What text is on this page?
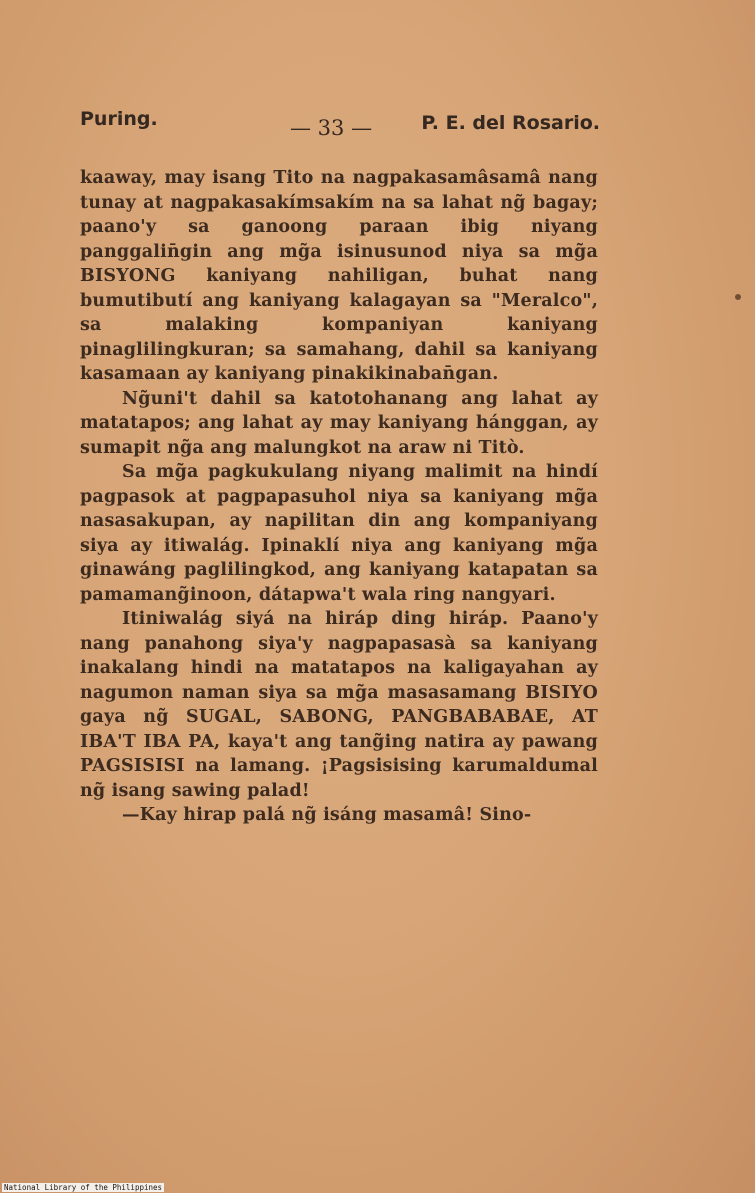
Puring.	— 33 —	P. E. del Rosario.

kaaway, may isang Tito na nagpakasamâsamâ nang tunay at nagpakasakímsakím na sa lahat ng̃ bagay; paano'y sa ganoong paraan ibig niyang panggalin̄gin ang mg̃a isinusunod niya sa mg̃a BISYONG kaniyang nahiligan, buhat nang bumutibutí ang kaniyang kalagayan sa "Meralco", sa malaking kompaniyan kaniyang pinaglilingkuran; sa samahang, dahil sa kaniyang kasamaan ay kaniyang pinakikinaban̄gan.

Ng̃uni't dahil sa katotohanang ang lahat ay matatapos; ang lahat ay may kaniyang hánggan, ay sumapit ng̃a ang malungkot na araw ni Titò.

Sa mg̃a pagkukulang niyang malimit na hindí pagpasok at pagpapasuhol niya sa kaniyang mg̃a nasasakupan, ay napilitan din ang kompaniyang siya ay itiwalág. Ipinaklí niya ang kaniyang mg̃a ginawáng paglilingkod, ang kaniyang katapatan sa pamamang̃inoon, dátapwa't wala ring nangyari.

Itiniwalág siyá na hiráp ding hiráp. Paano'y nang panahong siya'y nagpapasasà sa kaniyang inakalang hindi na matatapos na kaligayahan ay nagumon naman siya sa mg̃a masasamang BISIYO gaya ng̃ SUGAL, SABONG, PANGBABABAE, AT IBA'T IBA PA, kaya't ang tang̃ing natira ay pawang PAGSISISI na lamang. ¡Pagsisising karumaldumal ng̃ isang sawing palad!

—Kay hirap palá ng̃ isáng masamâ! Sino-

National Library of the Philippines
